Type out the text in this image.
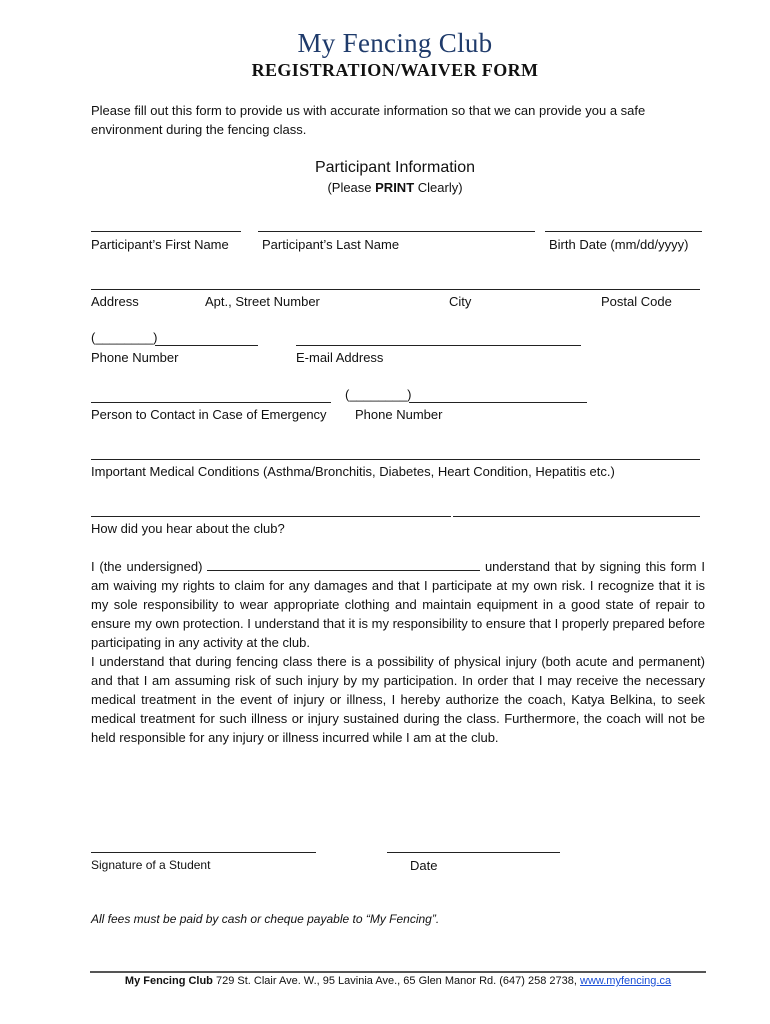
My Fencing Club
REGISTRATION/WAIVER FORM
Please fill out this form to provide us with accurate information so that we can provide you a safe environment during the fencing class.
Participant Information
(Please PRINT Clearly)
Participant’s First Name	Participant’s Last Name	Birth Date (mm/dd/yyyy)
Address	Apt., Street Number	City	Postal Code
(________)
Phone Number	E-mail Address
(________)
Person to Contact in Case of Emergency Phone Number
Important Medical Conditions (Asthma/Bronchitis, Diabetes, Heart Condition, Hepatitis etc.)
How did you hear about the club?
I (the undersigned)	understand that by signing this form I am waiving my rights to claim for any damages and that I participate at my own risk. I recognize that it is my sole responsibility to wear appropriate clothing and maintain equipment in a good state of repair to ensure my own protection. I understand that it is my responsibility to ensure that I properly prepared before participating in any activity at the club.
I understand that during fencing class there is a possibility of physical injury (both acute and permanent) and that I am assuming risk of such injury by my participation. In order that I may receive the necessary medical treatment in the event of injury or illness, I hereby authorize the coach, Katya Belkina, to seek medical treatment for such illness or injury sustained during the class. Furthermore, the coach will not be held responsible for any injury or illness incurred while I am at the club.
Signature of a Student	Date
All fees must be paid by cash or cheque payable to “My Fencing”.
My Fencing Club 729 St. Clair Ave. W., 95 Lavinia Ave., 65 Glen Manor Rd. (647) 258 2738, www.myfencing.ca
